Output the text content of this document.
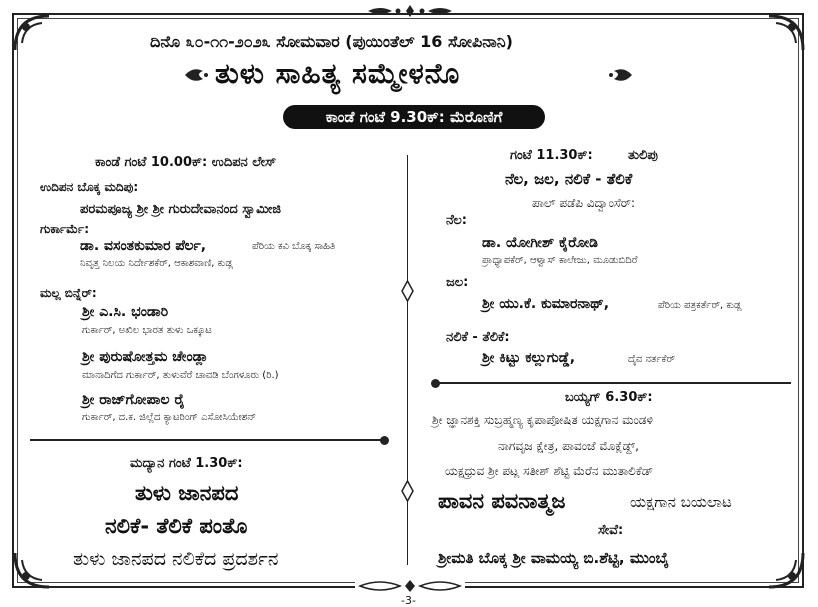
ದಿನೊ ೩೦-೧೧-೨೦೨೩ ಸೋಮವಾರ (ಪುಯಿಂತೆಲ್ 16 ಸೋಪಿನಾನಿ)
ತುಳು ಸಾಹಿತ್ಯ ಸಮ್ಮೇಳನೊ
ಕಾಂಡೆ ಗಂಟೆ 9.30ಕ್: ಮೆರೊಣಿಗೆ
ಕಾಂಡೆ ಗಂಟೆ 10.00ಕ್: ಉದಿಪನ ಲೇಸ್
ಉದಿಪನ ಬೊಕ್ಕ ಮದಿಪು:
ಪರಮಪೂಜ್ಯ ಶ್ರೀ ಶ್ರೀ ಗುರುದೇವಾನಂದ ಸ್ವಾಮೀಜಿ
ಗುರ್ಕಾರ್ಮೆ:
ಡಾ. ವಸಂತಕುಮಾರ ಪೆರ್ಲ,	ಪೆರಿಯ ಕವಿ ಬೊಕ್ಕ ಸಾಹಿತಿ
ನಿವೃತ್ತ ನಿಲಯ ನಿರ್ದೇಶಕೆರ್, ಆಕಾಶವಾಣಿ, ಕುಡ್ಲ
ಮಲ್ಲ ಬಿನ್ನೆರ್:
ಶ್ರೀ ಎ.ಸಿ. ಭಂಡಾರಿ
ಗುರ್ಕಾರ್, ಅಖಿಲ ಭಾರತ ತುಳು ಒಕ್ಕೂಟ
ಶ್ರೀ ಪುರುಷೋತ್ತಮ ಚೇಂಡ್ಲಾ
ಮಾನಾದಿಗೆದ ಗುರ್ಕಾರ್, ತುಳುವೆರೆ ಚಾವಡಿ ಬೆಂಗಳೂರು (ರಿ.)
ಶ್ರೀ ರಾಜ್‌ಗೋಪಾಲ ರೈ
ಗುರ್ಕಾರ್, ದ.ಕ. ಜಿಲ್ಲೆದ ಕ್ಯಾಟರಿಂಗ್ ಎಸೋಸಿಯೇಶನ್
ಮದ್ಯಾನ ಗಂಟೆ 1.30ಕ್:
ತುಳು ಜಾನಪದ
ನಲಿಕೆ- ತೆಲಿಕೆ ಪಂತೊ
ತುಳು ಜಾನಪದ ನಲಿಕೆದ ಪ್ರದರ್ಶನ
ಗಂಟೆ 11.30ಕ್:	ತುಲಿಪು
ನೆಲ, ಜಲ, ನಲಿಕೆ - ತೆಲಿಕೆ
ಪಾಲ್ ಪಡೆಪಿ ವಿದ್ವಾಂಸೆರ್:
ನೆಲ:
ಡಾ. ಯೋಗೀಶ್ ಕೈರೋಡಿ
ಪ್ರಾಧ್ಯಾಪಕೆರ್, ಆಳ್ವಾಸ್ ಕಾಲೇಜು, ಮೂಡುಬಿದಿರೆ
ಜಲ:
ಶ್ರೀ ಯು.ಕೆ. ಕುಮಾರನಾಥ್,	ಪೆರಿಯ ಪತ್ರಕರ್ತೆರ್, ಕುಡ್ಲ
ನಲಿಕೆ - ತೆಲಿಕೆ:
ಶ್ರೀ ಕಿಟ್ಟು ಕಲ್ಲುಗುಡ್ಡೆ,	ದೈವ ನರ್ತಕೆರ್
ಬಯ್ಯಗ್ 6.30ಕ್:
ಶ್ರೀ ಜ್ಞಾನಶಕ್ತಿ ಸುಬ್ರಹ್ಮಣ್ಯ ಕೃಪಾಪೋಷಿತ ಯಕ್ಷಗಾನ ಮಂಡಳಿ
ನಾಗವೃಜ ಕ್ಷೇತ್ರ, ಪಾವಂಜೆ ಮೊಕ್ಲೆಡ್ದ್,
ಯಕ್ಷಧ್ರುವ ಶ್ರೀ ಪಟ್ಲ ಸತೀಶ್ ಶೆಟ್ಟಿ ಮೆರೆನ ಮುತಾಲಿಕೆಡ್
ಪಾವನ ಪವನಾತ್ಮಜ	ಯಕ್ಷಗಾನ ಬಯಲಾಟ
ಸೇವೆ:
ಶ್ರೀಮತಿ ಬೊಕ್ಕ ಶ್ರೀ ವಾಮಯ್ಯ ಬಿ.ಶೆಟ್ಟಿ, ಮುಂಬೈ
-3-
